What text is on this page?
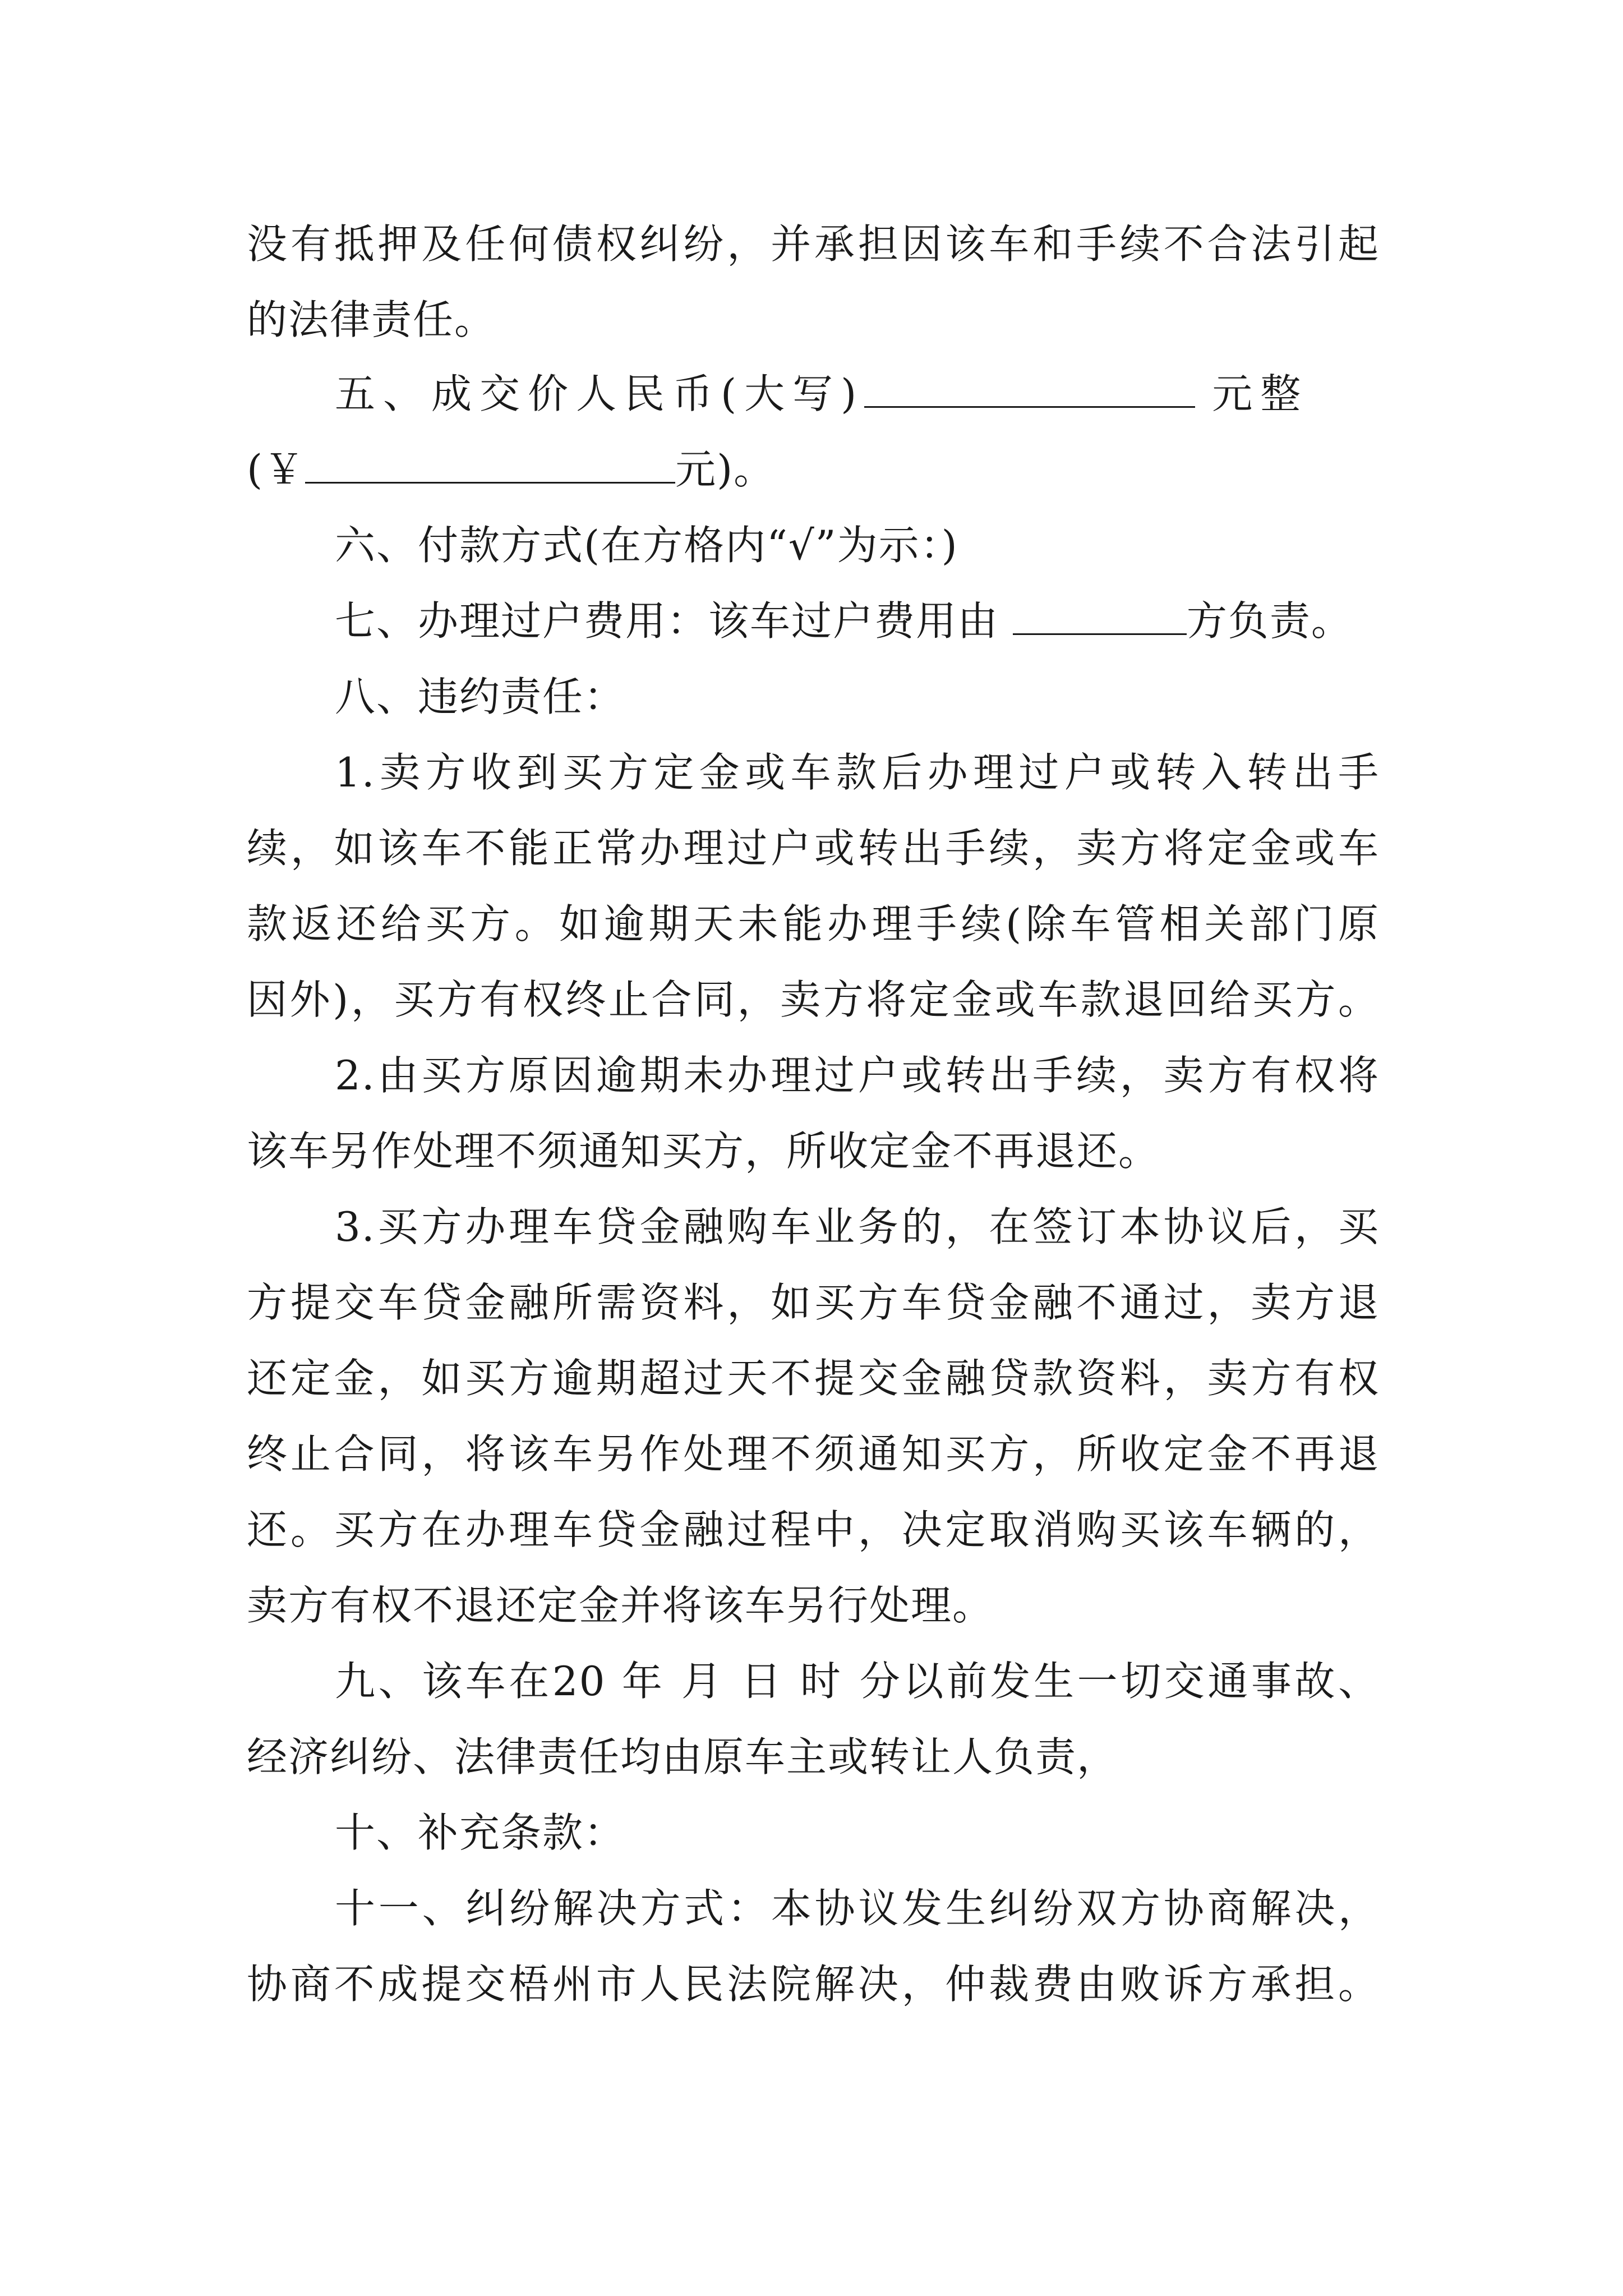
没有抵押及任何债权纠纷，并承担因该车和手续不合法引起
的法律责任。
五、成交价人民币(大写)	元整
(￥	元)。
六、付款方式(在方格内“√”为示：)
七、办理过户费用：该车过户费用由	方负责。
八、违约责任：
1.卖方收到买方定金或车款后办理过户或转入转出手
续，如该车不能正常办理过户或转出手续，卖方将定金或车
款返还给买方。如逾期天未能办理手续(除车管相关部门原
因外)，买方有权终止合同，卖方将定金或车款退回给买方。
2.由买方原因逾期未办理过户或转出手续，卖方有权将
该车另作处理不须通知买方，所收定金不再退还。
3.买方办理车贷金融购车业务的，在签订本协议后，买
方提交车贷金融所需资料，如买方车贷金融不通过，卖方退
还定金，如买方逾期超过天不提交金融贷款资料，卖方有权
终止合同，将该车另作处理不须通知买方，所收定金不再退
还。买方在办理车贷金融过程中，决定取消购买该车辆的，
卖方有权不退还定金并将该车另行处理。
九、该车在20 年 月 日 时 分以前发生一切交通事故、
经济纠纷、法律责任均由原车主或转让人负责，
十、补充条款：
十一、纠纷解决方式：本协议发生纠纷双方协商解决，
协商不成提交梧州市人民法院解决，仲裁费由败诉方承担。
